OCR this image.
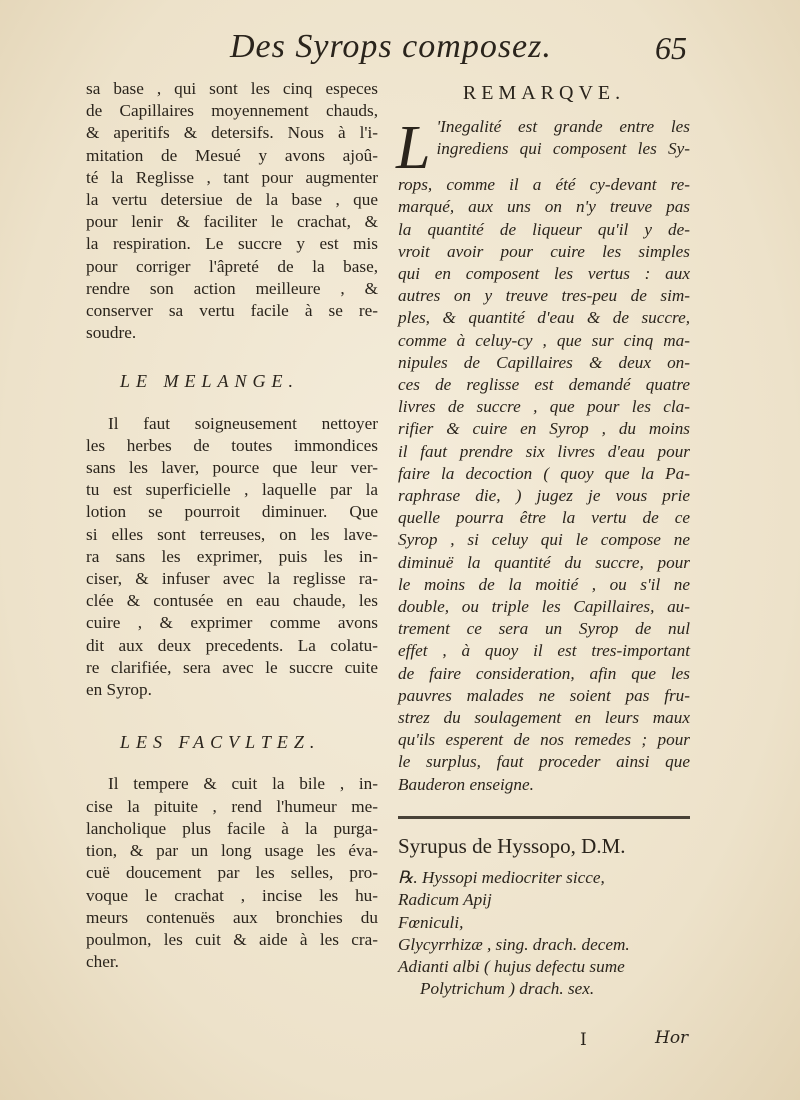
Des Syrops composez.	65
sa base , qui sont les cinq especes
de Capillaires moyennement chauds,
& aperitifs & detersifs. Nous à l'i-
mitation de Mesué y avons ajoû-
té la Reglisse , tant pour augmenter
la vertu detersiue de la base , que
pour lenir & faciliter le crachat, &
la respiration. Le succre y est mis
pour corriger l'âpreté de la base,
rendre son action meilleure , &
conserver sa vertu facile à se re-
soudre.
LE MELANGE.
Il faut soigneusement nettoyer
les herbes de toutes immondices
sans les laver, pource que leur ver-
tu est superficielle , laquelle par la
lotion se pourroit diminuer. Que
si elles sont terreuses, on les lave-
ra sans les exprimer, puis les in-
ciser, & infuser avec la reglisse ra-
clée & contusée en eau chaude, les
cuire , & exprimer comme avons
dit aux deux precedents. La colatu-
re clarifiée, sera avec le succre cuite
en Syrop.
LES FACVLTEZ.
Il tempere & cuit la bile , in-
cise la pituite , rend l'humeur me-
lancholique plus facile à la purga-
tion, & par un long usage les éva-
cuë doucement par les selles, pro-
voque le crachat , incise les hu-
meurs contenuës aux bronchies du
poulmon, les cuit & aide à les cra-
cher.
REMARQVE.
L 'Inegalité est grande entre les
ingrediens qui composent les Sy-
rops, comme il a été cy-devant re-
marqué, aux uns on n'y treuve pas
la quantité de liqueur qu'il y de-
vroit avoir pour cuire les simples
qui en composent les vertus : aux
autres on y treuve tres-peu de sim-
ples, & quantité d'eau & de succre,
comme à celuy-cy , que sur cinq ma-
nipules de Capillaires & deux on-
ces de reglisse est demandé quatre
livres de succre , que pour les cla-
rifier & cuire en Syrop , du moins
il faut prendre six livres d'eau pour
faire la decoction ( quoy que la Pa-
raphrase die, ) jugez je vous prie
quelle pourra être la vertu de ce
Syrop , si celuy qui le compose ne
diminuë la quantité du succre, pour
le moins de la moitié , ou s'il ne
double, ou triple les Capillaires, au-
trement ce sera un Syrop de nul
effet , à quoy il est tres-important
de faire consideration, afin que les
pauvres malades ne soient pas fru-
strez du soulagement en leurs maux
qu'ils esperent de nos remedes ; pour
le surplus, faut proceder ainsi que
Bauderon enseigne.
Syrupus de Hyssopo, D.M.
℞. Hyssopi mediocriter sicce,
Radicum Apij
Fœniculi,
Glycyrrhizæ , sing. drach. decem.
Adianti albi ( hujus defectu sume
Polytrichum ) drach. sex.
I	Hor
